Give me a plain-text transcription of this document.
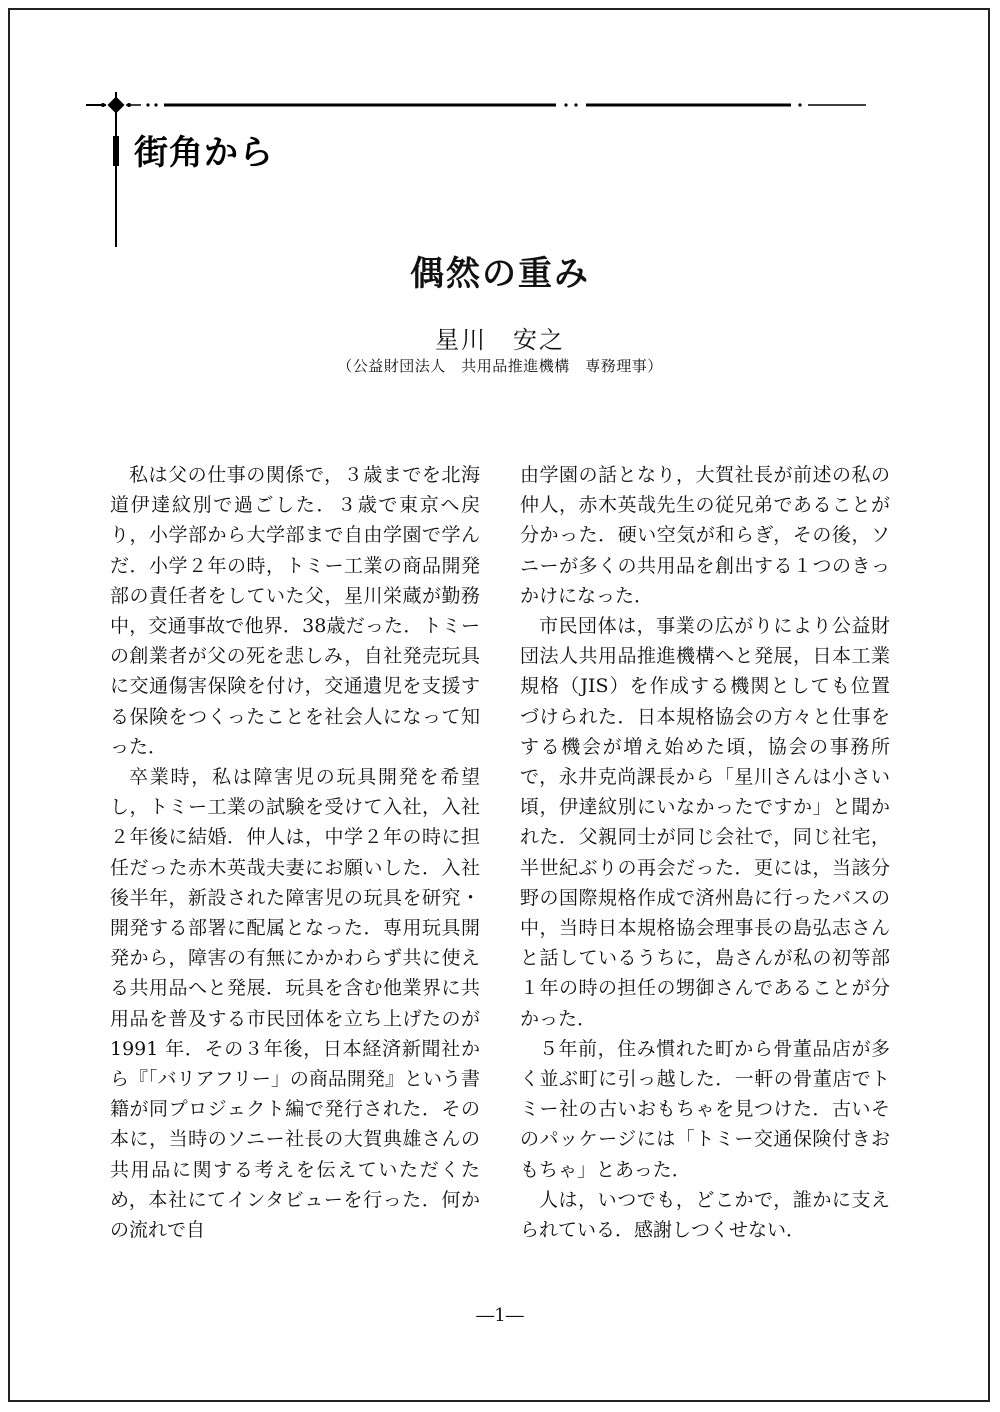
街角から
偶然の重み
星川　安之
（公益財団法人　共用品推進機構　専務理事）

私は父の仕事の関係で，３歳までを北海道伊達紋別で過ごした．３歳で東京へ戻り，小学部から大学部まで自由学園で学んだ．小学２年の時，トミー工業の商品開発部の責任者をしていた父，星川栄蔵が勤務中，交通事故で他界．38歳だった．トミーの創業者が父の死を悲しみ，自社発売玩具に交通傷害保険を付け，交通遺児を支援する保険をつくったことを社会人になって知った．

卒業時，私は障害児の玩具開発を希望し，トミー工業の試験を受けて入社，入社２年後に結婚．仲人は，中学２年の時に担任だった赤木英哉夫妻にお願いした．入社後半年，新設された障害児の玩具を研究・開発する部署に配属となった．専用玩具開発から，障害の有無にかかわらず共に使える共用品へと発展．玩具を含む他業界に共用品を普及する市民団体を立ち上げたのが1991 年．その３年後，日本経済新聞社から『「バリアフリー」の商品開発』という書籍が同プロジェクト編で発行された．その本に，当時のソニー社長の大賀典雄さんの共用品に関する考えを伝えていただくため，本社にてインタビューを行った．何かの流れで自

由学園の話となり，大賀社長が前述の私の仲人，赤木英哉先生の従兄弟であることが分かった．硬い空気が和らぎ，その後，ソニーが多くの共用品を創出する１つのきっかけになった．

市民団体は，事業の広がりにより公益財団法人共用品推進機構へと発展，日本工業規格（JIS）を作成する機関としても位置づけられた．日本規格協会の方々と仕事をする機会が増え始めた頃，協会の事務所で，永井克尚課長から「星川さんは小さい頃，伊達紋別にいなかったですか」と聞かれた．父親同士が同じ会社で，同じ社宅，半世紀ぶりの再会だった．更には，当該分野の国際規格作成で済州島に行ったバスの中，当時日本規格協会理事長の島弘志さんと話しているうちに，島さんが私の初等部１年の時の担任の甥御さんであることが分かった．

５年前，住み慣れた町から骨董品店が多く並ぶ町に引っ越した．一軒の骨董店でトミー社の古いおもちゃを見つけた．古いそのパッケージには「トミー交通保険付きおもちゃ」とあった．

人は，いつでも，どこかで，誰かに支えられている．感謝しつくせない．

―1―
